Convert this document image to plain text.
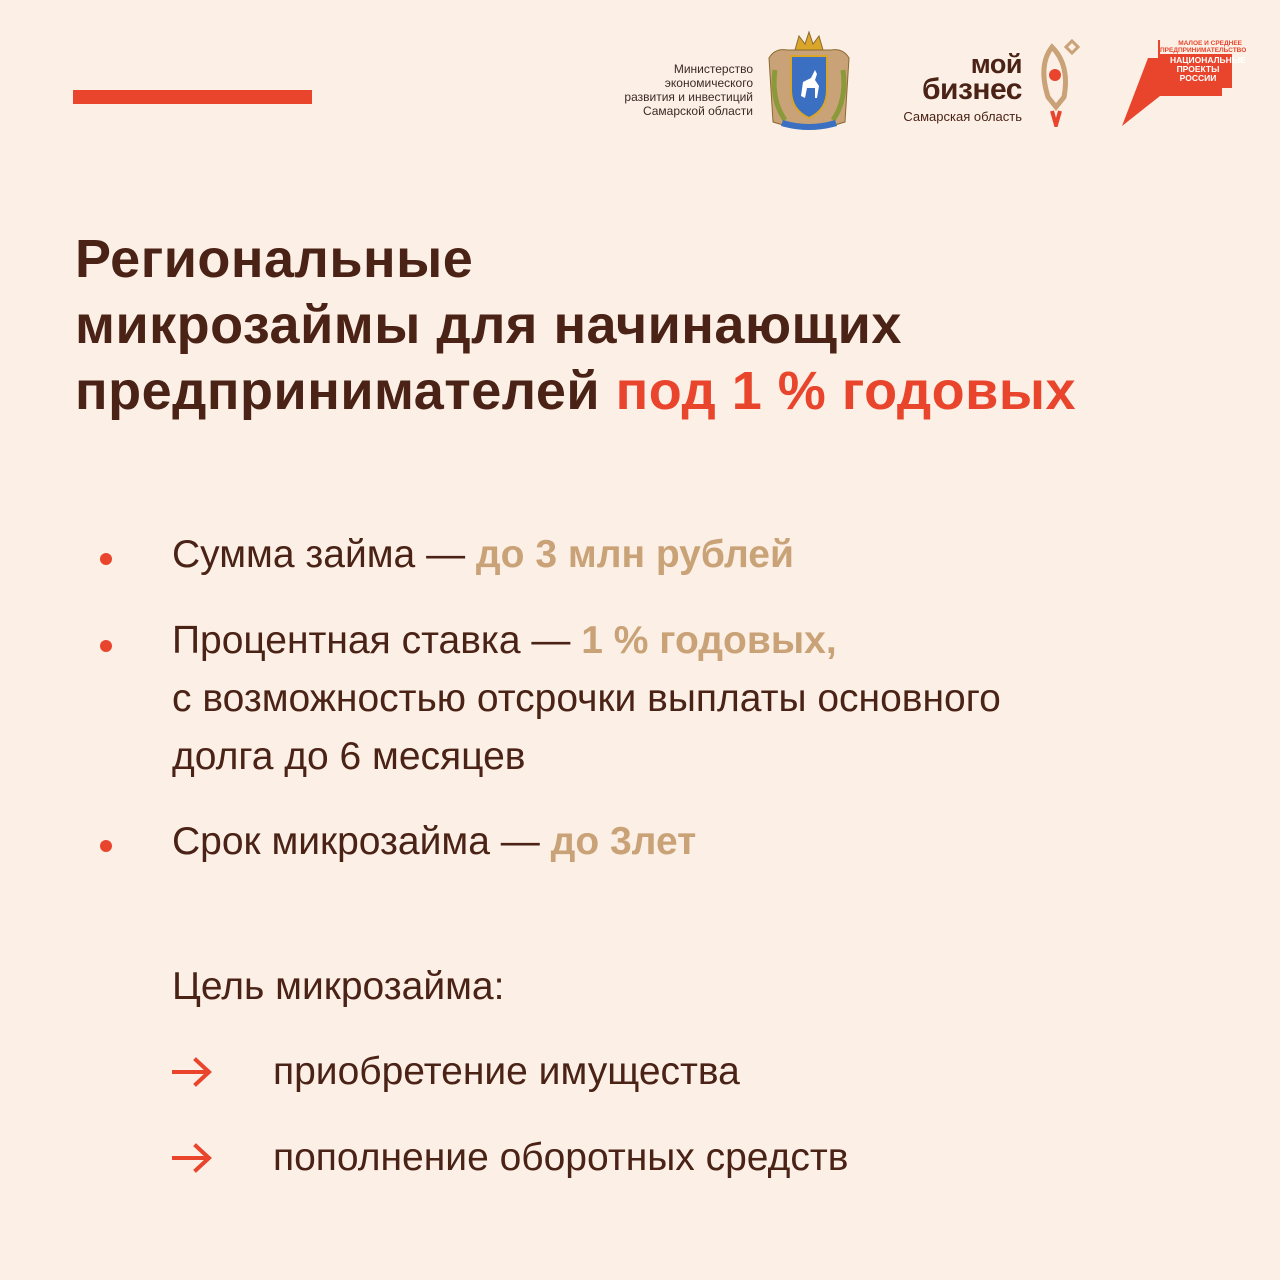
Министерство
экономического
развития и инвестиций
Самарской области
мой
бизнес
Самарская область
МАЛОЕ И СРЕДНЕЕ
ПРЕДПРИНИМАТЕЛЬСТВО
НАЦИОНАЛЬНЫЕ
ПРОЕКТЫ
РОССИИ
Региональные
микрозаймы для начинающих
предпринимателей под 1 % годовых
Сумма займа — до 3 млн рублей
Процентная ставка — 1 % годовых,
с возможностью отсрочки выплаты основного
долга до 6 месяцев
Срок микрозайма — до 3лет
Цель микрозайма:
приобретение имущества
пополнение оборотных средств
